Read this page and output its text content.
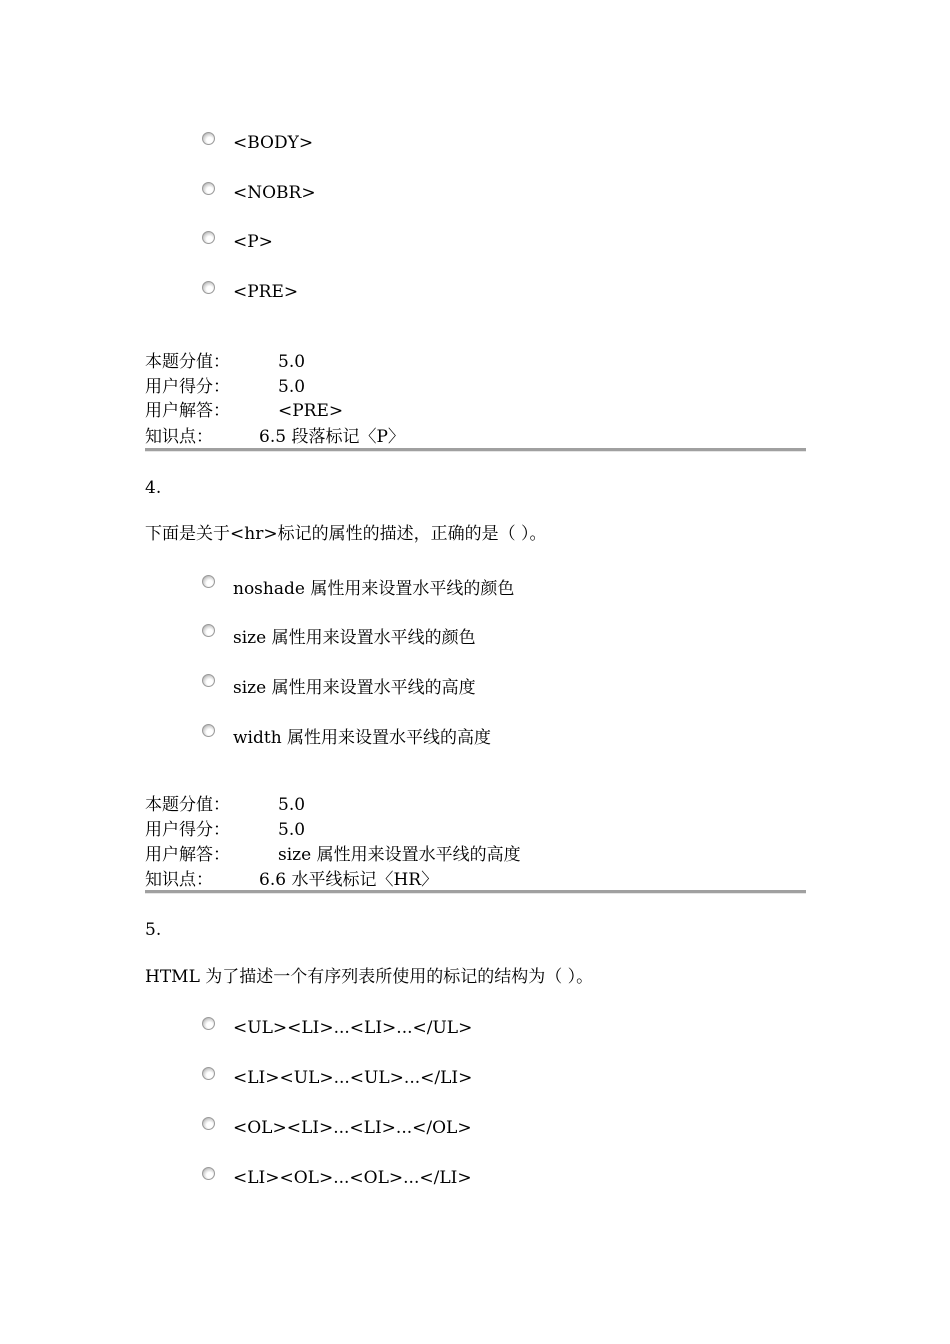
<BODY>
<NOBR>
<P>
<PRE>
本题分值：	5.0
用户得分：	5.0
用户解答：	<PRE>
知识点：	6.5 段落标记〈P〉
4.
下面是关于<hr>标记的属性的描述，正确的是（ ）。
noshade 属性用来设置水平线的颜色
size 属性用来设置水平线的颜色
size 属性用来设置水平线的高度
width 属性用来设置水平线的高度
本题分值：	5.0
用户得分：	5.0
用户解答：	size 属性用来设置水平线的高度
知识点：	6.6 水平线标记〈HR〉
5.
HTML 为了描述一个有序列表所使用的标记的结构为（ ）。
<UL><LI>...<LI>...</UL>
<LI><UL>...<UL>...</LI>
<OL><LI>...<LI>...</OL>
<LI><OL>...<OL>...</LI>
